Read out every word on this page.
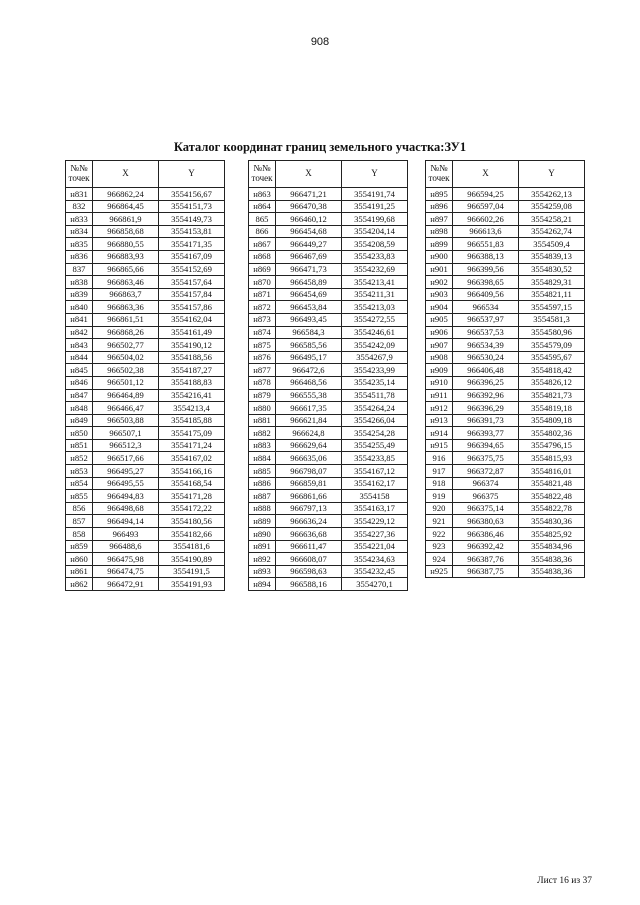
908
Каталог координат границ земельного участка:ЗУ1
№№
точек	X	Y
н831	966862,24	3554156,67
832	966864,45	3554151,73
н833	966861,9	3554149,73
н834	966858,68	3554153,81
н835	966880,55	3554171,35
н836	966883,93	3554167,09
837	966865,66	3554152,69
н838	966863,46	3554157,64
н839	966863,7	3554157,84
н840	966863,36	3554157,86
н841	966861,51	3554162,04
н842	966868,26	3554161,49
н843	966502,77	3554190,12
н844	966504,02	3554188,56
н845	966502,38	3554187,27
н846	966501,12	3554188,83
н847	966464,89	3554216,41
н848	966466,47	3554213,4
н849	966503,88	3554185,88
н850	966507,1	3554175,09
н851	966512,3	3554171,24
н852	966517,66	3554167,02
н853	966495,27	3554166,16
н854	966495,55	3554168,54
н855	966494,83	3554171,28
856	966498,68	3554172,22
857	966494,14	3554180,56
858	966493	3554182,66
н859	966488,6	3554181,6
н860	966475,98	3554190,89
н861	966474,75	3554191,5
н862	966472,91	3554191,93
№№
точек	X	Y
н863	966471,21	3554191,74
н864	966470,38	3554191,25
865	966460,12	3554199,68
866	966454,68	3554204,14
н867	966449,27	3554208,59
н868	966467,69	3554233,83
н869	966471,73	3554232,69
н870	966458,89	3554213,41
н871	966454,69	3554211,31
н872	966453,84	3554213,03
н873	966493,45	3554272,55
н874	966584,3	3554246,61
н875	966585,56	3554242,09
н876	966495,17	3554267,9
н877	966472,6	3554233,99
н878	966468,56	3554235,14
н879	966555,38	3554511,78
н880	966617,35	3554264,24
н881	966621,84	3554266,04
н882	966624,8	3554254,28
н883	966629,64	3554255,49
н884	966635,06	3554233,85
н885	966798,07	3554167,12
н886	966859,81	3554162,17
н887	966861,66	3554158
н888	966797,13	3554163,17
н889	966636,24	3554229,12
н890	966636,68	3554227,36
н891	966611,47	3554221,04
н892	966608,07	3554234,63
н893	966598,63	3554232,45
н894	966588,16	3554270,1
№№
точек	X	Y
н895	966594,25	3554262,13
н896	966597,04	3554259,08
н897	966602,26	3554258,21
н898	966613,6	3554262,74
н899	966551,83	3554509,4
н900	966388,13	3554839,13
н901	966399,56	3554830,52
н902	966398,65	3554829,31
н903	966409,56	3554821,11
н904	966534	3554597,15
н905	966537,97	3554581,3
н906	966537,53	3554580,96
н907	966534,39	3554579,09
н908	966530,24	3554595,67
н909	966406,48	3554818,42
н910	966396,25	3554826,12
н911	966392,96	3554821,73
н912	966396,29	3554819,18
н913	966391,73	3554809,18
н914	966393,77	3554802,36
н915	966394,65	3554796,15
916	966375,75	3554815,93
917	966372,87	3554816,01
918	966374	3554821,48
919	966375	3554822,48
920	966375,14	3554822,78
921	966380,63	3554830,36
922	966386,46	3554825,92
923	966392,42	3554834,96
924	966387,76	3554838,36
н925	966387,75	3554838,36
Лист 16 из 37
